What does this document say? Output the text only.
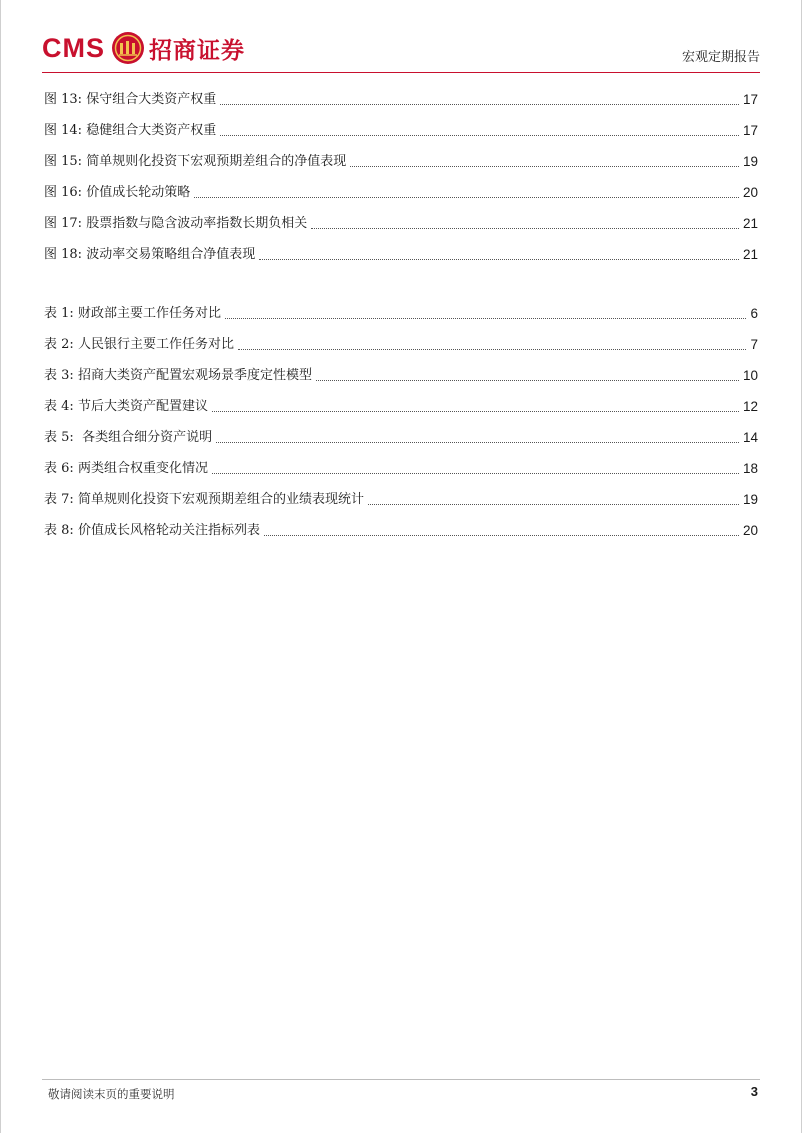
CMS 招商证券	宏观定期报告
图 13: 保守组合大类资产权重	17
图 14: 稳健组合大类资产权重	17
图 15: 简单规则化投资下宏观预期差组合的净值表现	19
图 16: 价值成长轮动策略	20
图 17: 股票指数与隐含波动率指数长期负相关	21
图 18: 波动率交易策略组合净值表现	21
表 1: 财政部主要工作任务对比	6
表 2: 人民银行主要工作任务对比	7
表 3: 招商大类资产配置宏观场景季度定性模型	10
表 4: 节后大类资产配置建议	12
表 5:  各类组合细分资产说明	14
表 6: 两类组合权重变化情况	18
表 7: 简单规则化投资下宏观预期差组合的业绩表现统计	19
表 8: 价值成长风格轮动关注指标列表	20
敬请阅读末页的重要说明	3
